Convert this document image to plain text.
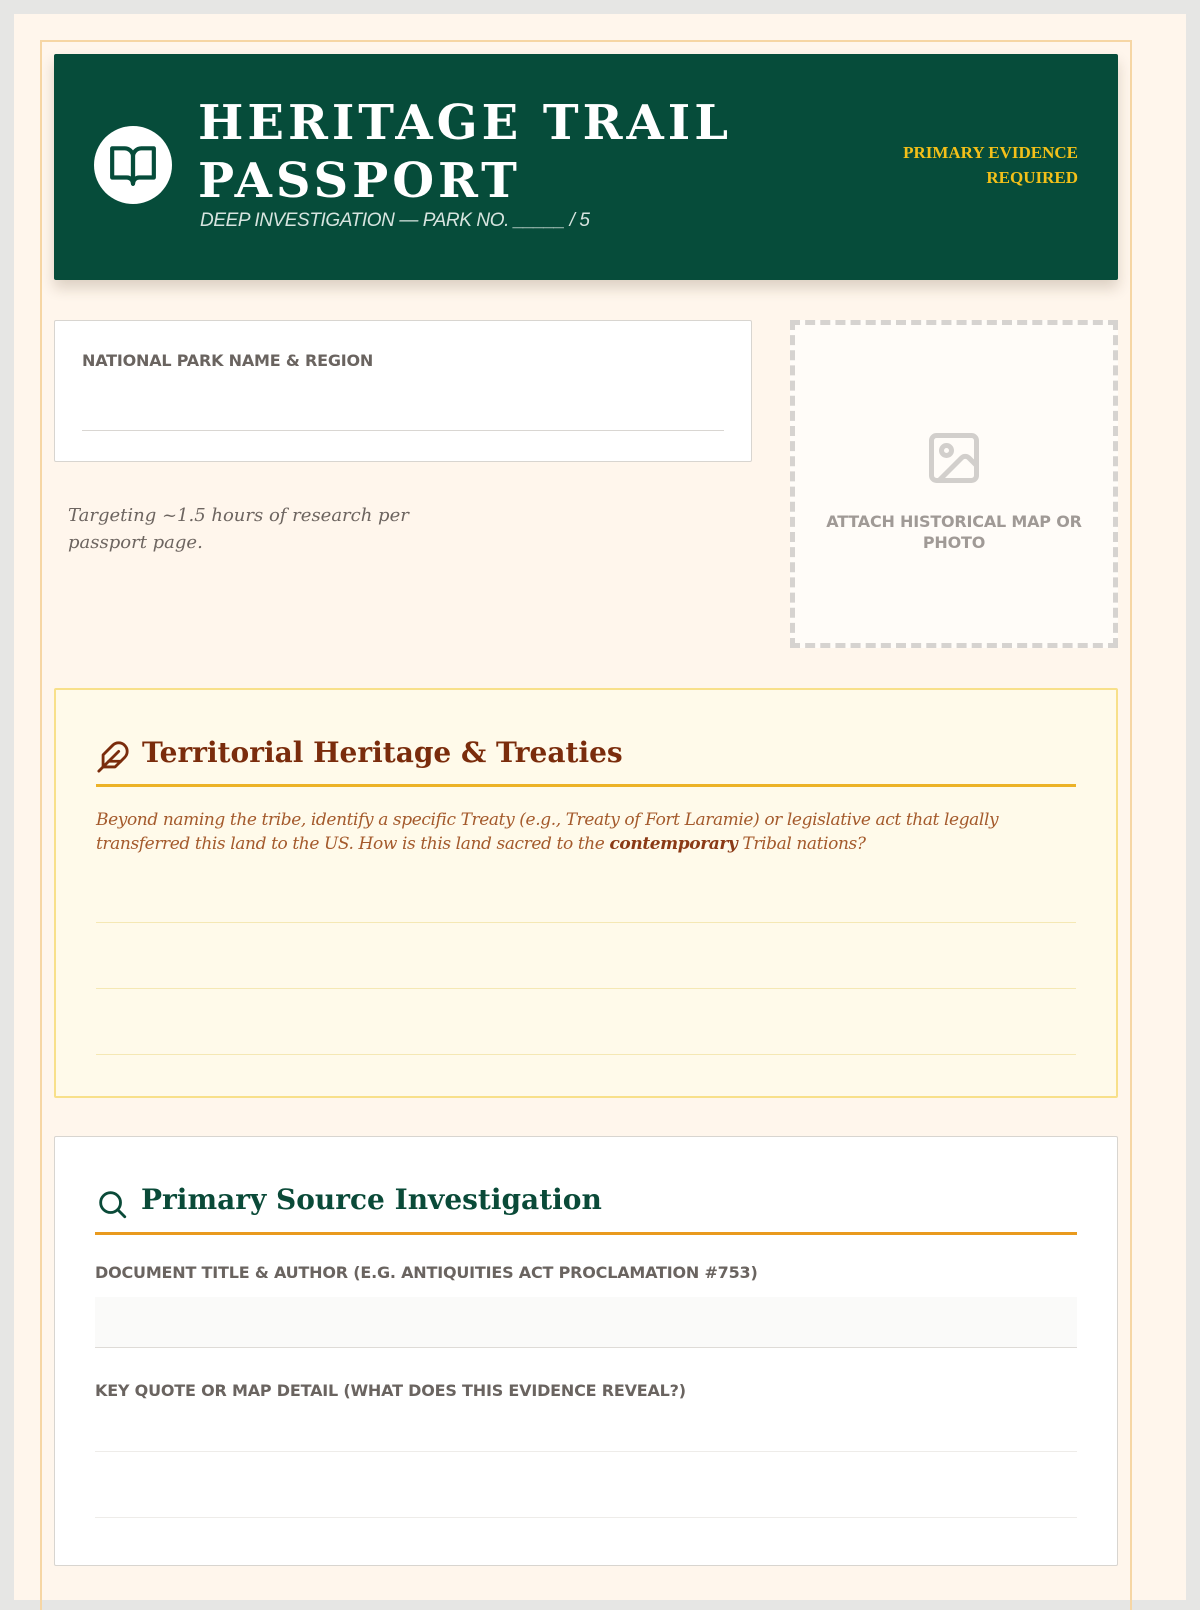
HERITAGE TRAIL
PASSPORT
DEEP INVESTIGATION — PARK NO. _____ / 5
PRIMARY EVIDENCE
REQUIRED
NATIONAL PARK NAME & REGION
Targeting ~1.5 hours of research per passport page.
ATTACH HISTORICAL MAP OR PHOTO
Territorial Heritage & Treaties
Beyond naming the tribe, identify a specific Treaty (e.g., Treaty of Fort Laramie) or legislative act that legally transferred this land to the US. How is this land sacred to the contemporary Tribal nations?
Primary Source Investigation
DOCUMENT TITLE & AUTHOR (E.G. ANTIQUITIES ACT PROCLAMATION #753)
KEY QUOTE OR MAP DETAIL (WHAT DOES THIS EVIDENCE REVEAL?)
